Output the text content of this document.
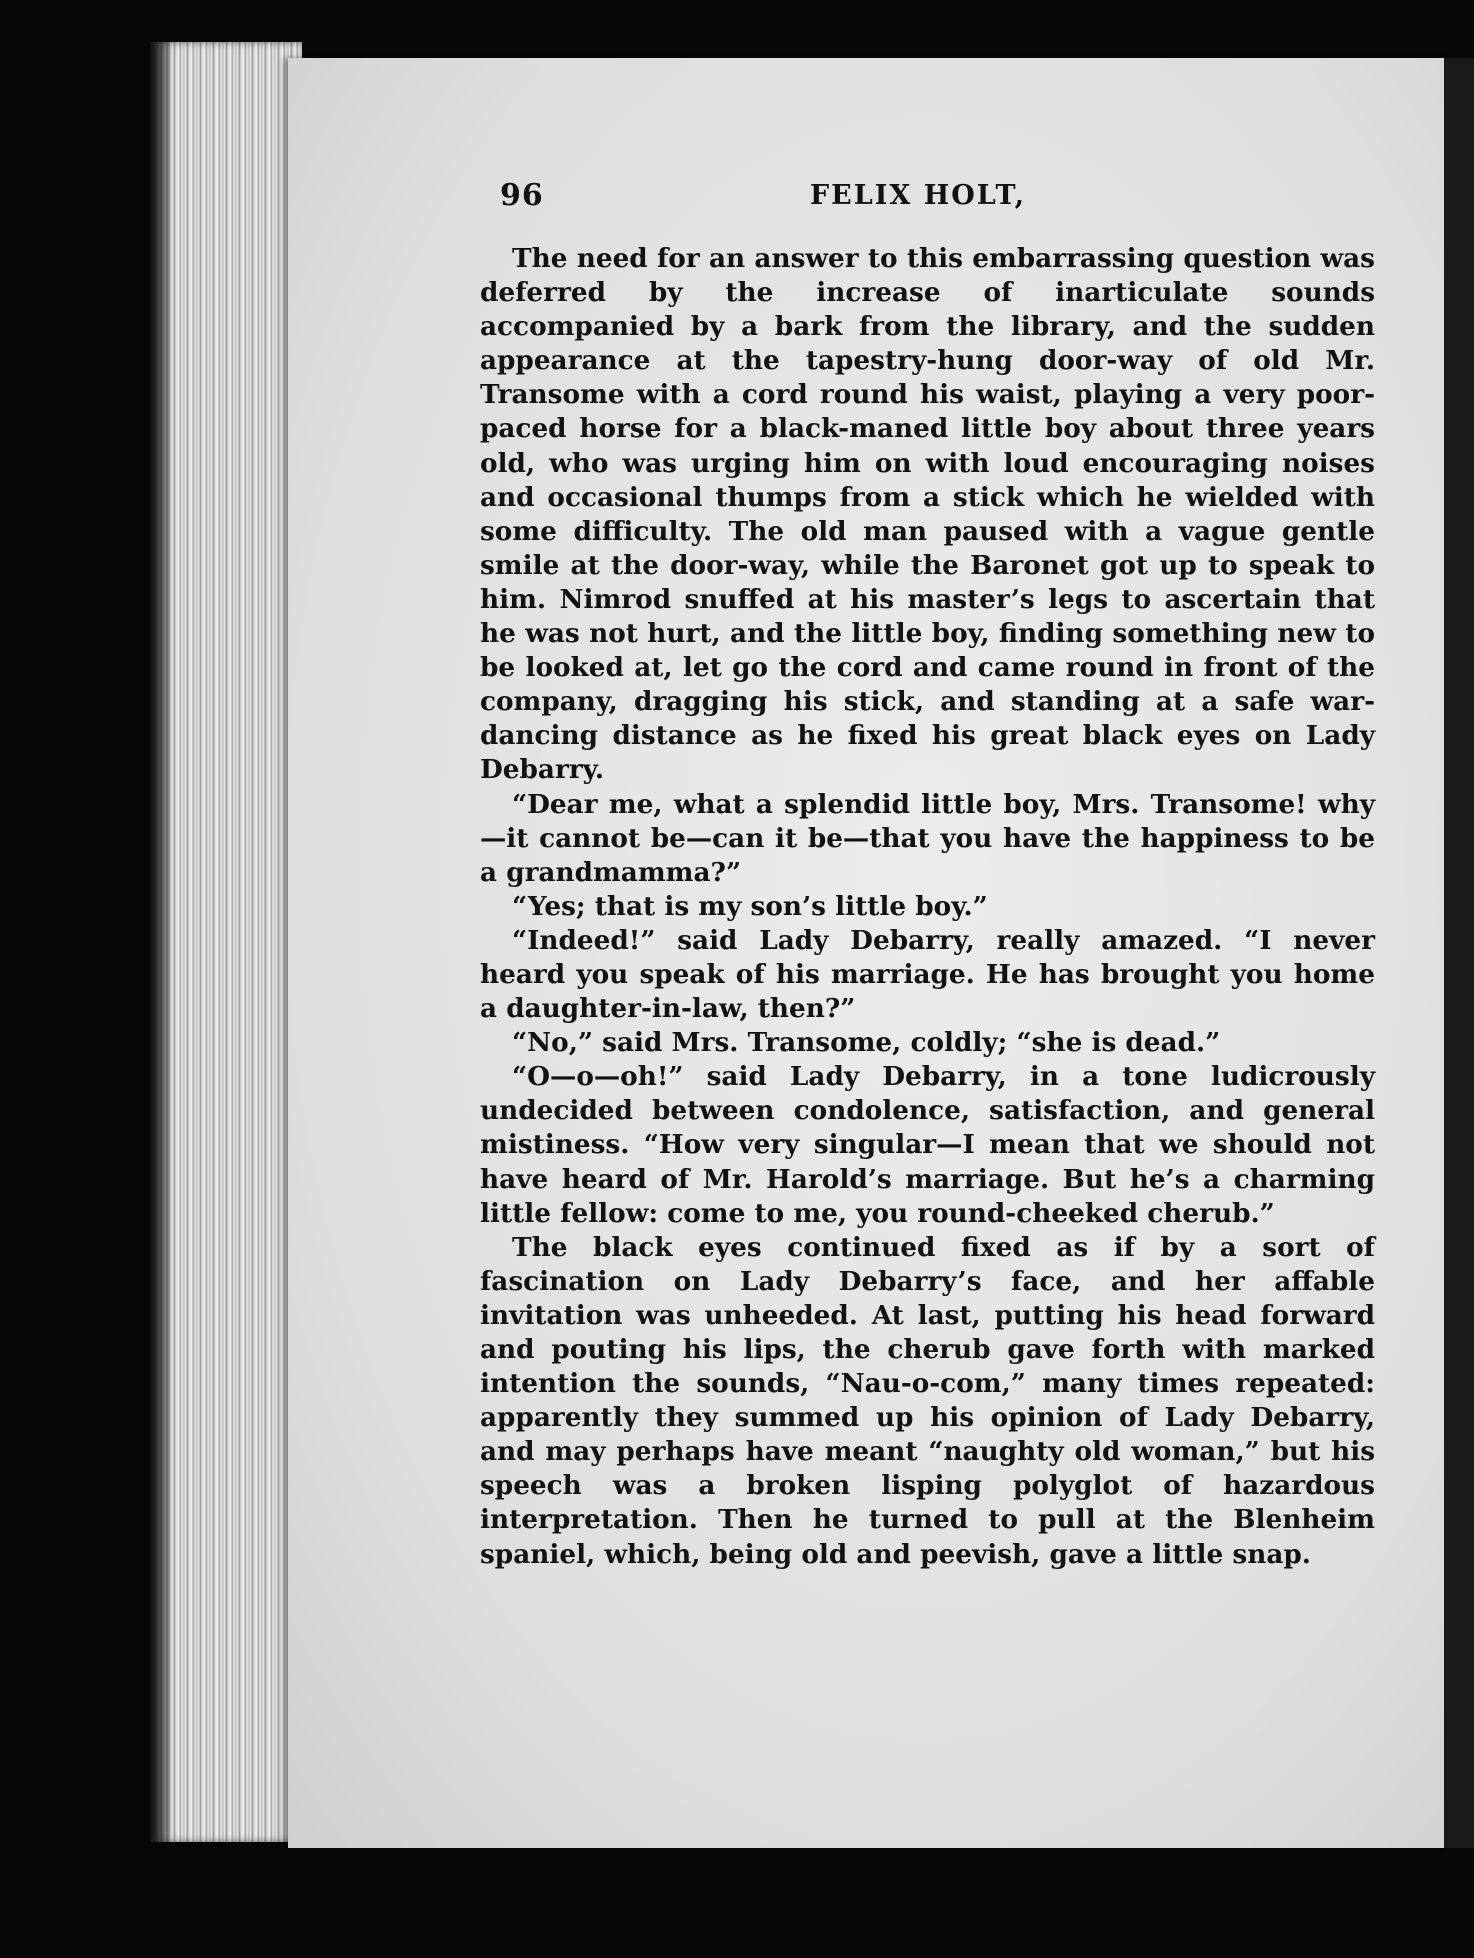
96	FELIX HOLT,

The need for an answer to this embarrassing question was deferred by the increase of inarticulate sounds accompanied by a bark from the library, and the sudden appearance at the tapestry-hung door-way of old Mr. Transome with a cord round his waist, playing a very poor-paced horse for a black-maned little boy about three years old, who was urging him on with loud encouraging noises and occasional thumps from a stick which he wielded with some difficulty. The old man paused with a vague gentle smile at the door-way, while the Baronet got up to speak to him. Nimrod snuffed at his master’s legs to ascertain that he was not hurt, and the little boy, finding something new to be looked at, let go the cord and came round in front of the company, dragging his stick, and standing at a safe war-dancing distance as he fixed his great black eyes on Lady Debarry.

“Dear me, what a splendid little boy, Mrs. Transome! why —it cannot be—can it be—that you have the happiness to be a grandmamma?”

“Yes; that is my son’s little boy.”

“Indeed!” said Lady Debarry, really amazed. “I never heard you speak of his marriage. He has brought you home a daughter-in-law, then?”

“No,” said Mrs. Transome, coldly; “she is dead.”

“O—o—oh!” said Lady Debarry, in a tone ludicrously undecided between condolence, satisfaction, and general mistiness. “How very singular—I mean that we should not have heard of Mr. Harold’s marriage. But he’s a charming little fellow: come to me, you round-cheeked cherub.”

The black eyes continued fixed as if by a sort of fascination on Lady Debarry’s face, and her affable invitation was unheeded. At last, putting his head forward and pouting his lips, the cherub gave forth with marked intention the sounds, “Nau-o-com,” many times repeated: apparently they summed up his opinion of Lady Debarry, and may perhaps have meant “naughty old woman,” but his speech was a broken lisping polyglot of hazardous interpretation. Then he turned to pull at the Blenheim spaniel, which, being old and peevish, gave a little snap.
